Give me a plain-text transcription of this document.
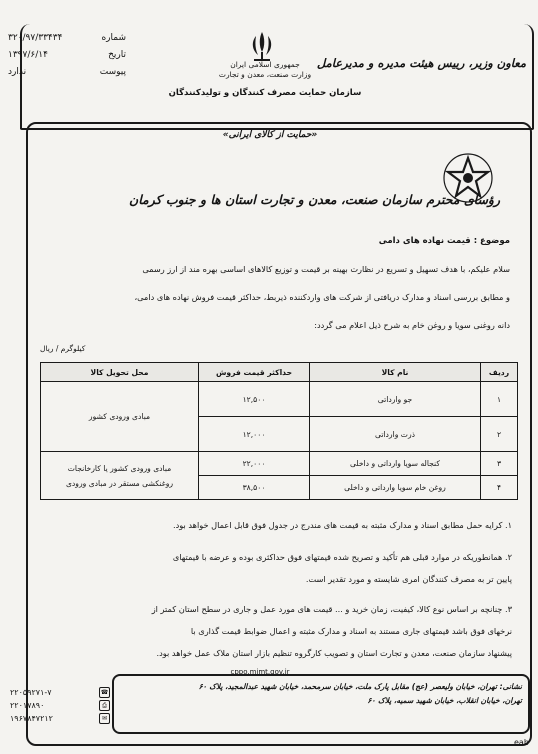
شماره
۳۲۰/۹۷/۳۳۴۳۴
تاریخ
۱۳۹۷/۶/۱۴
پیوست
ندارد
معاون وزیر، رییس هیئت مدیره و مدیرعامل
جمهوری اسلامی ایران
وزارت صنعت، معدن و تجارت
سازمان حمایت مصرف کنندگان و تولیدکنندگان
«حمایت از کالای ایرانی»
رؤسای محترم سازمان صنعت، معدن و تجارت استان ها و جنوب کرمان
موضوع : قیمت نهاده های دامی
سلام علیکم، با هدف تسهیل و تسریع در نظارت بهینه بر قیمت و توزیع کالاهای اساسی بهره مند از ارز رسمی
و مطابق بررسی اسناد و مدارک دریافتی از شرکت های واردکننده ذیربط، حداکثر قیمت فروش نهاده های دامی،
دانه روغنی سویا و روغن خام به شرح ذیل اعلام می گردد:
کیلوگرم / ریال
ردیف	نام کالا	حداکثر قیمت فروش	محل تحویل کالا
۱	جو وارداتی	۱۲,۵۰۰	مبادی ورودی کشور
۲	ذرت وارداتی	۱۲,۰۰۰	
۳	کنجاله سویا وارداتی و داخلی	۲۲,۰۰۰	مبادی ورودی کشور یا کارخانجات
روغنکشی مستقر در مبادی ورودی

۴	روغن خام سویا وارداتی و داخلی	۳۸,۵۰۰	
۱. کرایه حمل مطابق اسناد و مدارک مثبته به قیمت های مندرج در جدول فوق قابل اعمال خواهد بود.
۲. همانطوریکه در موارد قبلی هم تأکید و تصریح شده قیمتهای فوق حداکثری بوده و عرضه با قیمتهای
پایین تر به مصرف کنندگان امری شایسته و مورد تقدیر است.
۳. چنانچه بر اساس نوع کالا، کیفیت، زمان خرید و ... قیمت های مورد عمل و جاری در سطح استان کمتر از
نرخهای فوق باشد قیمتهای جاری مستند به اسناد و مدارک مثبته و اعمال ضوابط قیمت گذاری با
پیشنهاد سازمان صنعت، معدن و تجارت استان و تصویب کارگروه تنظیم بازار استان ملاک عمل خواهد بود.
cppo.mimt.gov.ir
نشانی: تهران، خیابان ولیعصر (عج) مقابل پارک ملت، خیابان سرمحمد، خیابان شهید عبدالمجید، پلاک ۶۰
تهران، خیابان انقلاب، خیابان شهید سمیه، پلاک ۶۰
۲۲۰۵۹۲۷۱-۷	☎
۲۲۰۱۷۸۹۰	⎙
۱۹۶۷۸۴۷۲۱۲	✉
eab
